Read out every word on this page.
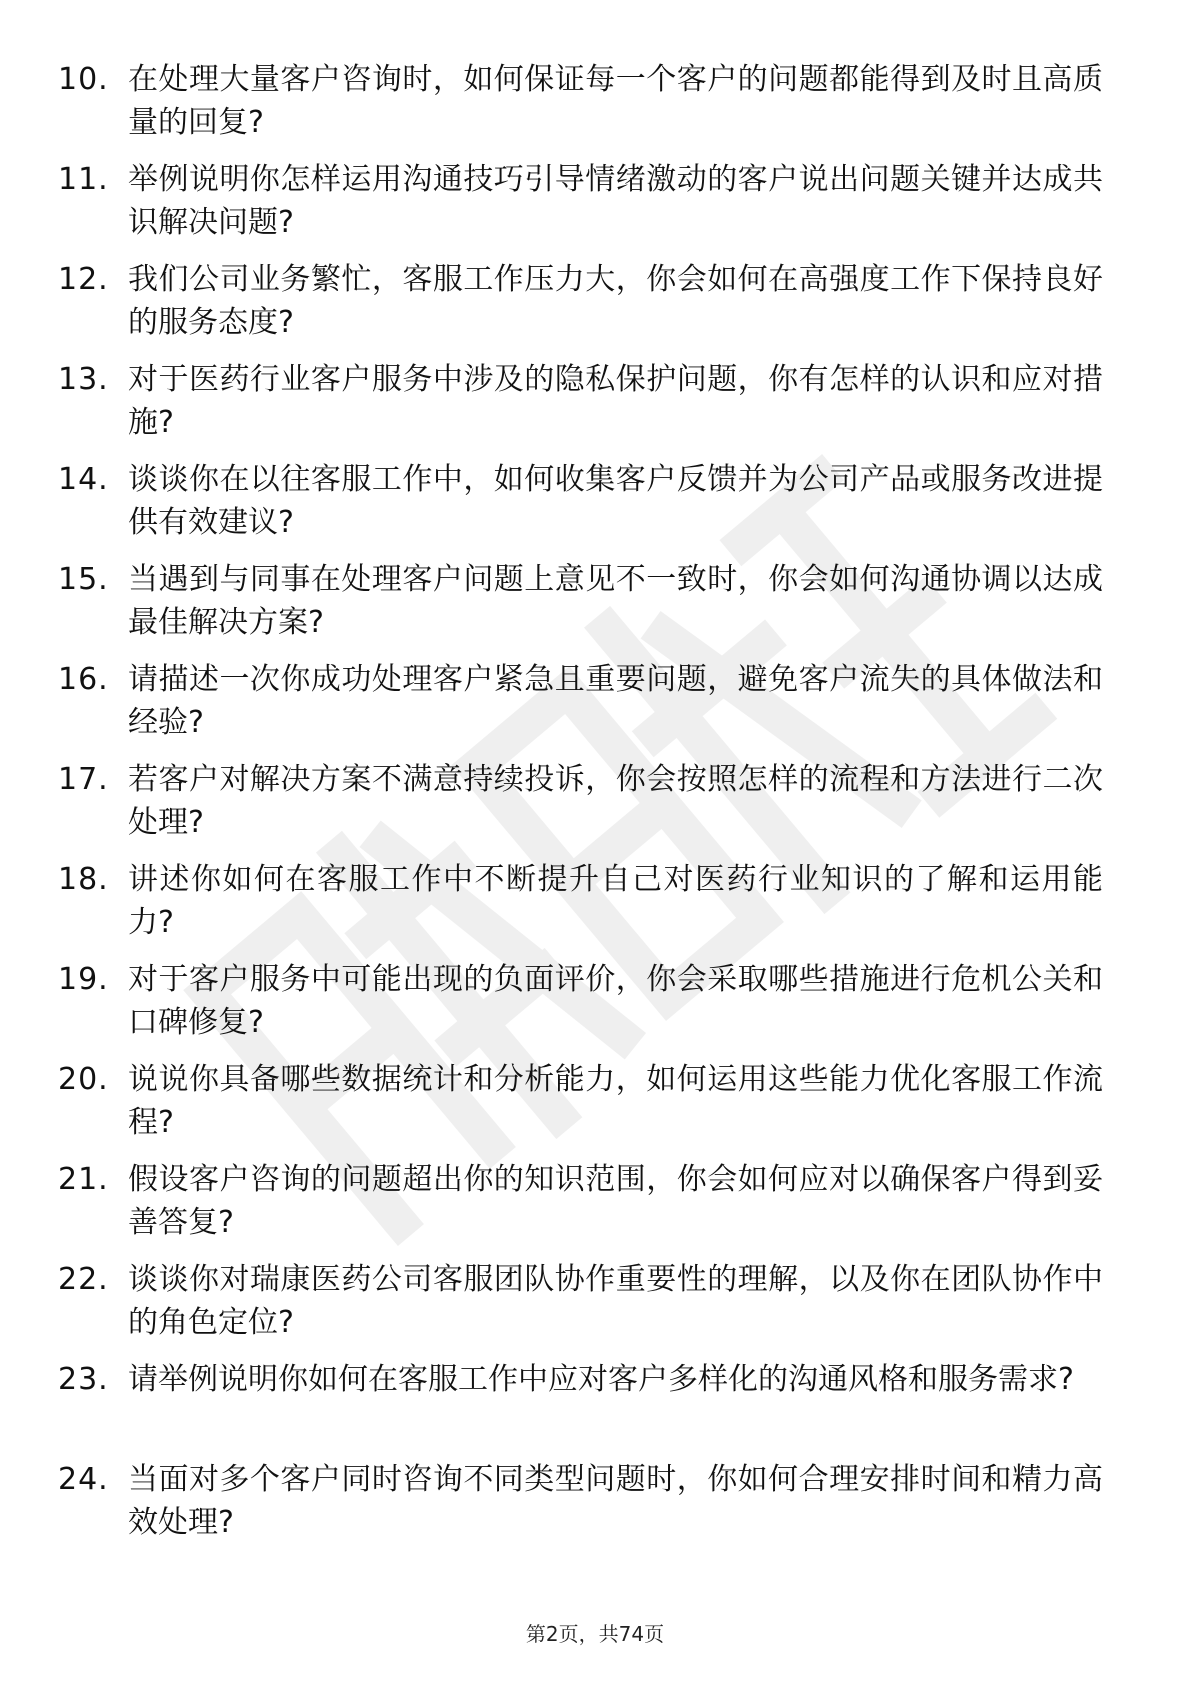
10. 在处理大量客户咨询时，如何保证每一个客户的问题都能得到及时且高质量的回复?
11. 举例说明你怎样运用沟通技巧引导情绪激动的客户说出问题关键并达成共识解决问题?
12. 我们公司业务繁忙，客服工作压力大，你会如何在高强度工作下保持良好的服务态度?
13. 对于医药行业客户服务中涉及的隐私保护问题，你有怎样的认识和应对措施?
14. 谈谈你在以往客服工作中，如何收集客户反馈并为公司产品或服务改进提供有效建议?
15. 当遇到与同事在处理客户问题上意见不一致时，你会如何沟通协调以达成最佳解决方案?
16. 请描述一次你成功处理客户紧急且重要问题，避免客户流失的具体做法和经验?
17. 若客户对解决方案不满意持续投诉，你会按照怎样的流程和方法进行二次处理?
18. 讲述你如何在客服工作中不断提升自己对医药行业知识的了解和运用能力?
19. 对于客户服务中可能出现的负面评价，你会采取哪些措施进行危机公关和口碑修复?
20. 说说你具备哪些数据统计和分析能力，如何运用这些能力优化客服工作流程?
21. 假设客户咨询的问题超出你的知识范围，你会如何应对以确保客户得到妥善答复?
22. 谈谈你对瑞康医药公司客服团队协作重要性的理解，以及你在团队协作中的角色定位?
23. 请举例说明你如何在客服工作中应对客户多样化的沟通风格和服务需求?
24. 当面对多个客户同时咨询不同类型问题时，你如何合理安排时间和精力高效处理?
第2页，共74页
